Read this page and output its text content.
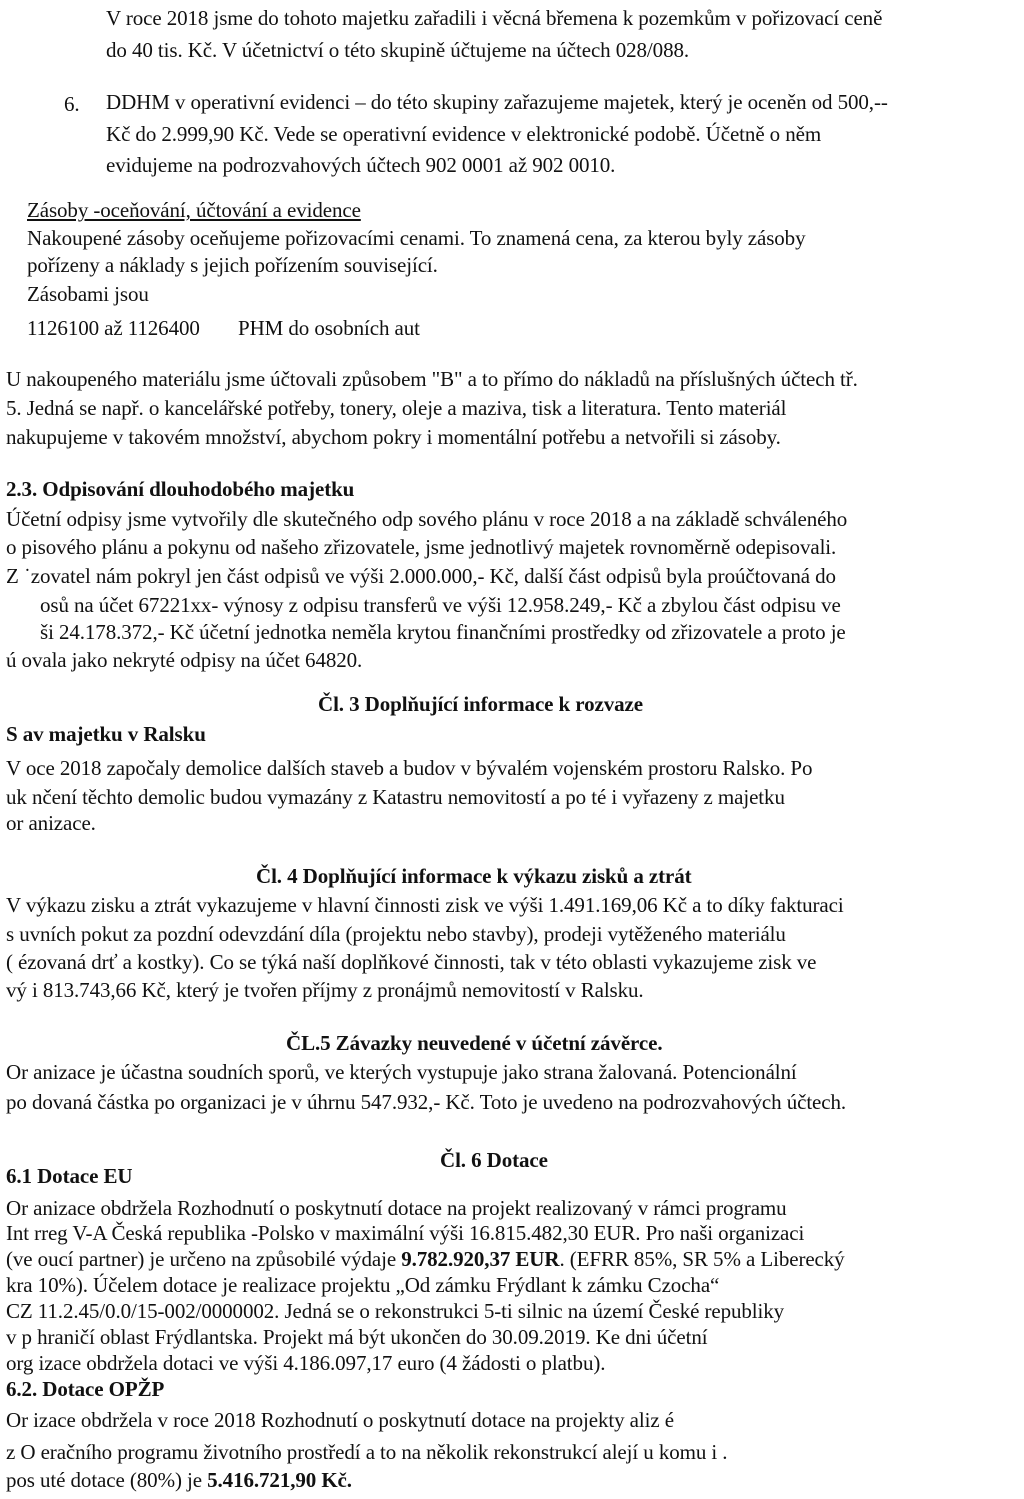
V roce 2018 jsme do tohoto majetku zařadili i věcná břemena k pozemkům v pořizovací ceně
do 40 tis. Kč. V účetnictví o této skupině účtujeme na účtech 028/088.
6. DDHM v operativní evidenci – do této skupiny zařazujeme majetek, který je oceněn od 500,--
Kč do 2.999,90 Kč. Vede se operativní evidence v elektronické podobě. Účetně o něm
evidujeme na podrozvahových účtech 902 0001 až 902 0010.
Zásoby -oceňování, účtování a evidence
Nakoupené zásoby oceňujeme pořizovacími cenami. To znamená cena, za kterou byly zásoby
pořízeny a náklady s jejich pořízením související.
Zásobami jsou
1126100 až 1126400 PHM do osobních aut
U nakoupeného materiálu jsme účtovali způsobem "B" a to přímo do nákladů na příslušných účtech tř.
5. Jedná se např. o kancelářské potřeby, tonery, oleje a maziva, tisk a literatura. Tento materiál
nakupujeme v takovém množství, abychom pokry i momentální potřebu a netvořili si zásoby.
2.3. Odpisování dlouhodobého majetku
Účetní odpisy jsme vytvořily dle skutečného odp sového plánu v roce 2018 a na základě schváleného
o pisového plánu a pokynu od našeho zřizovatele, jsme jednotlivý majetek rovnoměrně odepisovali.
Z ˙zovatel nám pokryl jen část odpisů ve výši 2.000.000,- Kč, další část odpisů byla proúčtovaná do
osů na účet 67221xx- výnosy z odpisu transferů ve výši 12.958.249,- Kč a zbylou část odpisu ve
ši 24.178.372,- Kč účetní jednotka neměla krytou finančními prostředky od zřizovatele a proto je
ú ovala jako nekryté odpisy na účet 64820.
Čl. 3 Doplňující informace k rozvaze
S av majetku v Ralsku
V oce 2018 započaly demolice dalších staveb a budov v bývalém vojenském prostoru Ralsko. Po
uk nčení těchto demolic budou vymazány z Katastru nemovitostí a po té i vyřazeny z majetku
or anizace.
Čl. 4 Doplňující informace k výkazu zisků a ztrát
V výkazu zisku a ztrát vykazujeme v hlavní činnosti zisk ve výši 1.491.169,06 Kč a to díky fakturaci
s uvních pokut za pozdní odevzdání díla (projektu nebo stavby), prodeji vytěženého materiálu
( ézovaná drť a kostky). Co se týká naší doplňkové činnosti, tak v této oblasti vykazujeme zisk ve
vý i 813.743,66 Kč, který je tvořen příjmy z pronájmů nemovitostí v Ralsku.
ČL.5 Závazky neuvedené v účetní závěrce.
Or anizace je účastna soudních sporů, ve kterých vystupuje jako strana žalovaná. Potencionální
po dovaná částka po organizaci je v úhrnu 547.932,- Kč. Toto je uvedeno na podrozvahových účtech.
Čl. 6 Dotace
6.1 Dotace EU
Or anizace obdržela Rozhodnutí o poskytnutí dotace na projekt realizovaný v rámci programu
Int rreg V-A Česká republika -Polsko v maximální výši 16.815.482,30 EUR. Pro naši organizaci
(ve oucí partner) je určeno na způsobilé výdaje 9.782.920,37 EUR. (EFRR 85%, SR 5% a Liberecký
kra 10%). Účelem dotace je realizace projektu „Od zámku Frýdlant k zámku Czocha“
CZ 11.2.45/0.0/15-002/0000002. Jedná se o rekonstrukci 5-ti silnic na území České republiky
v p hraničí oblast Frýdlantska. Projekt má být ukončen do 30.09.2019. Ke dni účetní
org izace obdržela dotaci ve výši 4.186.097,17 euro (4 žádosti o platbu).
6.2. Dotace OPŽP
Or izace obdržela v roce 2018 Rozhodnutí o poskytnutí dotace na projekty aliz é
z O eračního programu životního prostředí a to na několik rekonstrukcí alejí u komu i .
pos uté dotace (80%) je 5.416.721,90 Kč.
